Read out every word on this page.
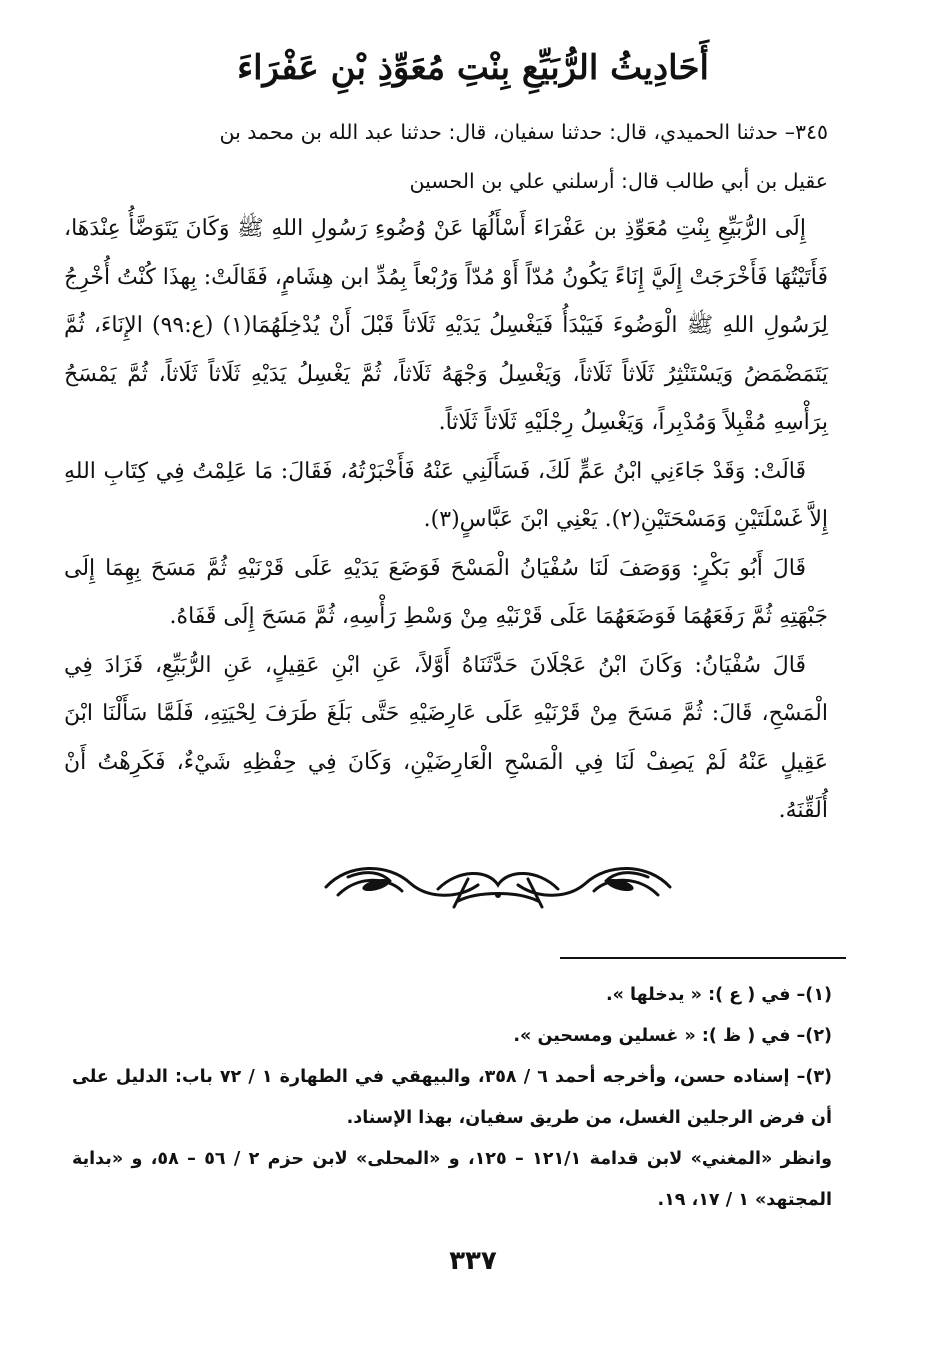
أَحَادِيثُ الرُّبَيِّعِ بِنْتِ مُعَوِّذِ بْنِ عَفْرَاءَ

٣٤٥– حدثنا الحميدي، قال: حدثنا سفيان، قال: حدثنا عبد الله بن محمد بن

عقيل بن أبي طالب قال: أرسلني علي بن الحسين

إِلَى الرُّبَيِّعِ بِنْتِ مُعَوِّذِ بن عَفْرَاءَ أَسْأَلُهَا عَنْ وُضُوءِ رَسُولِ اللهِ ﷺ وَكَانَ يَتَوَضَّأُ عِنْدَهَا، فَأَتَيْتُهَا فَأَخْرَجَتْ إِلَيَّ إِنَاءً يَكُونُ مُدّاً أَوْ مُدّاً وَرُبْعاً بِمُدِّ ابن هِشَامٍ، فَقَالَتْ: بِهذَا كُنْتُ أُخْرِجُ لِرَسُولِ اللهِ ﷺ الْوَضُوءَ فَيَبْدَأُ فَيَغْسِلُ يَدَيْهِ ثَلَاثاً قَبْلَ أَنْ يُدْخِلَهُمَا(١) (ع:٩٩) الإِنَاءَ، ثُمَّ يَتَمَضْمَضُ وَيَسْتَنْثِرُ ثَلَاثاً ثَلَاثاً، وَيَغْسِلُ وَجْهَهُ ثَلَاثاً، ثُمَّ يَغْسِلُ يَدَيْهِ ثَلَاثاً ثَلَاثاً، ثُمَّ يَمْسَحُ بِرَأْسِهِ مُقْبِلاً وَمُدْبِراً، وَيَغْسِلُ رِجْلَيْهِ ثَلَاثاً ثَلَاثاً.

قَالَتْ: وَقَدْ جَاءَنِي ابْنُ عَمٍّ لَكَ، فَسَأَلَنِي عَنْهُ فَأَخْبَرْتُهُ، فَقَالَ: مَا عَلِمْتُ فِي كِتَابِ اللهِ إِلاَّ غَسْلَتَيْنِ وَمَسْحَتَيْنِ(٢). يَعْنِي ابْنَ عَبَّاسٍ(٣).

قَالَ أَبُو بَكْرٍ: وَوَصَفَ لَنَا سُفْيَانُ الْمَسْحَ فَوَضَعَ يَدَيْهِ عَلَى قَرْنَيْهِ ثُمَّ مَسَحَ بِهِمَا إِلَى جَبْهَتِهِ ثُمَّ رَفَعَهُمَا فَوَضَعَهُمَا عَلَى قَرْنَيْهِ مِنْ وَسْطِ رَأْسِهِ، ثُمَّ مَسَحَ إِلَى قَفَاهُ.

قَالَ سُفْيَانُ: وَكَانَ ابْنُ عَجْلَانَ حَدَّثَنَاهُ أَوَّلاً، عَنِ ابْنِ عَقِيلٍ، عَنِ الرُّبَيِّعِ، فَزَادَ فِي الْمَسْحِ، قَالَ: ثُمَّ مَسَحَ مِنْ قَرْنَيْهِ عَلَى عَارِضَيْهِ حَتَّى بَلَغَ طَرَفَ لِحْيَتِهِ، فَلَمَّا سَأَلْنَا ابْنَ عَقِيلٍ عَنْهُ لَمْ يَصِفْ لَنَا فِي الْمَسْحِ الْعَارِضَيْنِ، وَكَانَ فِي حِفْظِهِ شَيْءٌ، فَكَرِهْتُ أَنْ أُلَقِّنَهُ.

(١)– في ( ع ): « يدخلها ».

(٢)– في ( ظ ): « غسلين ومسحين ».

(٣)– إسناده حسن، وأخرجه أحمد ٦ / ٣٥٨، والبيهقي في الطهارة ١ / ٧٢ باب: الدليل على أن فرض الرجلين الغسل، من طريق سفيان، بهذا الإسناد.

وانظر «المغني» لابن قدامة ١٢١/١ – ١٢٥، و «المحلى» لابن حزم ٢ / ٥٦ – ٥٨، و «بداية المجتهد» ١ / ١٧، ١٩.

٣٣٧
